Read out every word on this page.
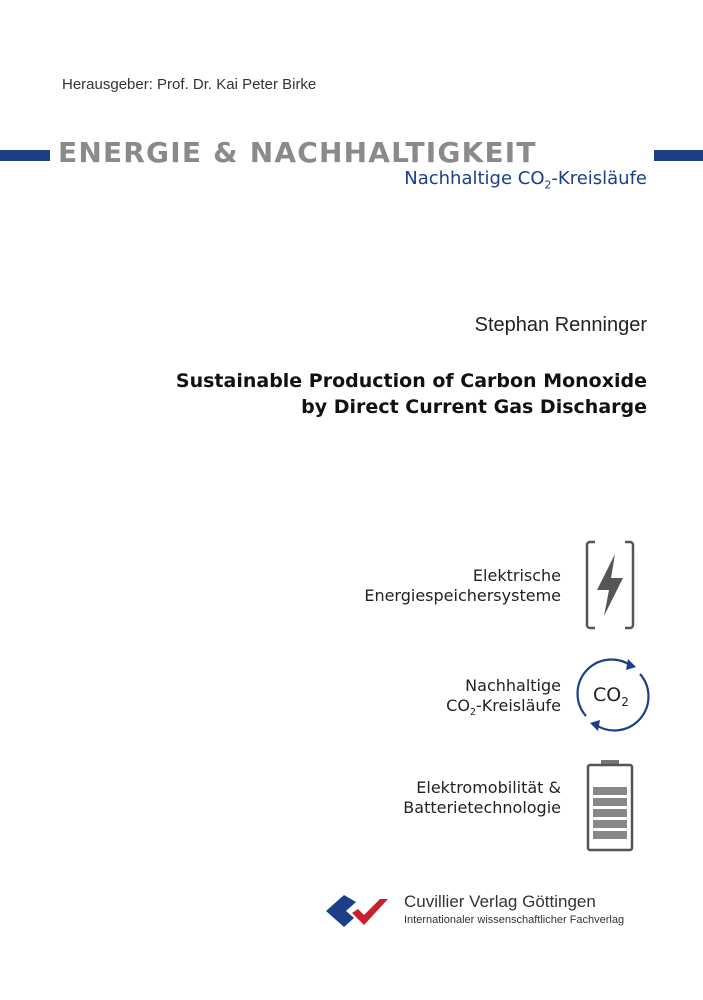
Herausgeber: Prof. Dr. Kai Peter Birke
ENERGIE & NACHHALTIGKEIT
Nachhaltige $CO_2$-Kreisläufe
Stephan Renninger
Sustainable Production of Carbon Monoxide
by Direct Current Gas Discharge
Elektrische
Energiespeichersysteme
Nachhaltige
$CO_2$-Kreisläufe $CO_2$
Elektromobilität &
Batterietechnologie
Cuvillier Verlag Göttingen
Internationaler wissenschaftlicher Fachverlag
